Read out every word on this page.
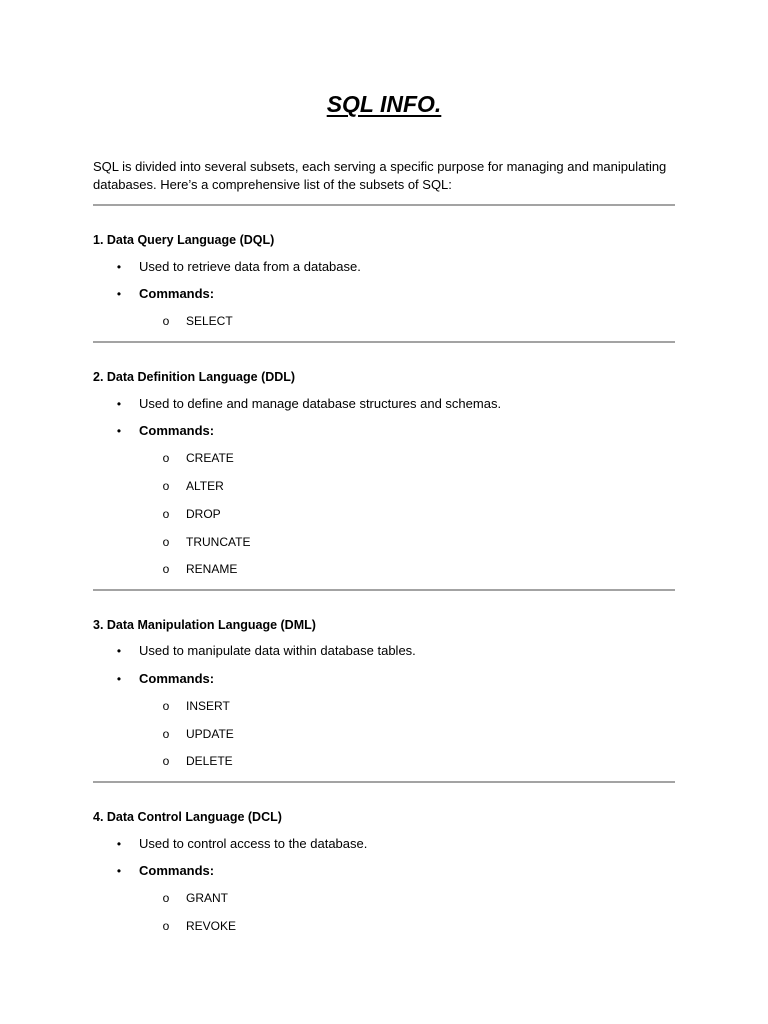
SQL INFO.

SQL is divided into several subsets, each serving a specific purpose for managing and manipulating databases. Here’s a comprehensive list of the subsets of SQL:

1. Data Query Language (DQL)
•	Used to retrieve data from a database.
•	Commands:
o SELECT
2. Data Definition Language (DDL)
•	Used to define and manage database structures and schemas.
•	Commands:
o CREATE
o ALTER
o DROP
o TRUNCATE
o RENAME
3. Data Manipulation Language (DML)
•	Used to manipulate data within database tables.
•	Commands:
o INSERT
o UPDATE
o DELETE
4. Data Control Language (DCL)
•	Used to control access to the database.
•	Commands:
o GRANT
o REVOKE
